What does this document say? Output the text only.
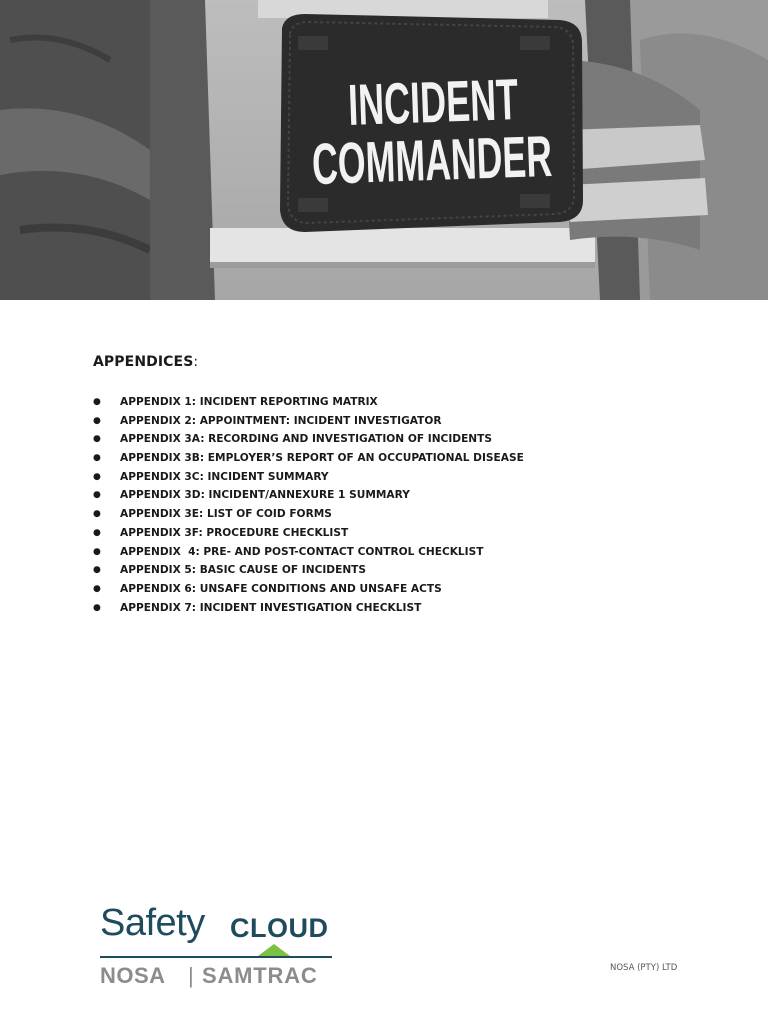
INCIDENT
COMMANDER
APPENDICES:
● APPENDIX 1: INCIDENT REPORTING MATRIX
● APPENDIX 2: APPOINTMENT: INCIDENT INVESTIGATOR
● APPENDIX 3A: RECORDING AND INVESTIGATION OF INCIDENTS
● APPENDIX 3B: EMPLOYER’S REPORT OF AN OCCUPATIONAL DISEASE
● APPENDIX 3C: INCIDENT SUMMARY
● APPENDIX 3D: INCIDENT/ANNEXURE 1 SUMMARY
● APPENDIX 3E: LIST OF COID FORMS
● APPENDIX 3F: PROCEDURE CHECKLIST
● APPENDIX  4: PRE- AND POST-CONTACT CONTROL CHECKLIST
● APPENDIX 5: BASIC CAUSE OF INCIDENTS
● APPENDIX 6: UNSAFE CONDITIONS AND UNSAFE ACTS
● APPENDIX 7: INCIDENT INVESTIGATION CHECKLIST
Safety CLOUD
NOSA | SAMTRAC	NOSA (PTY) LTD
